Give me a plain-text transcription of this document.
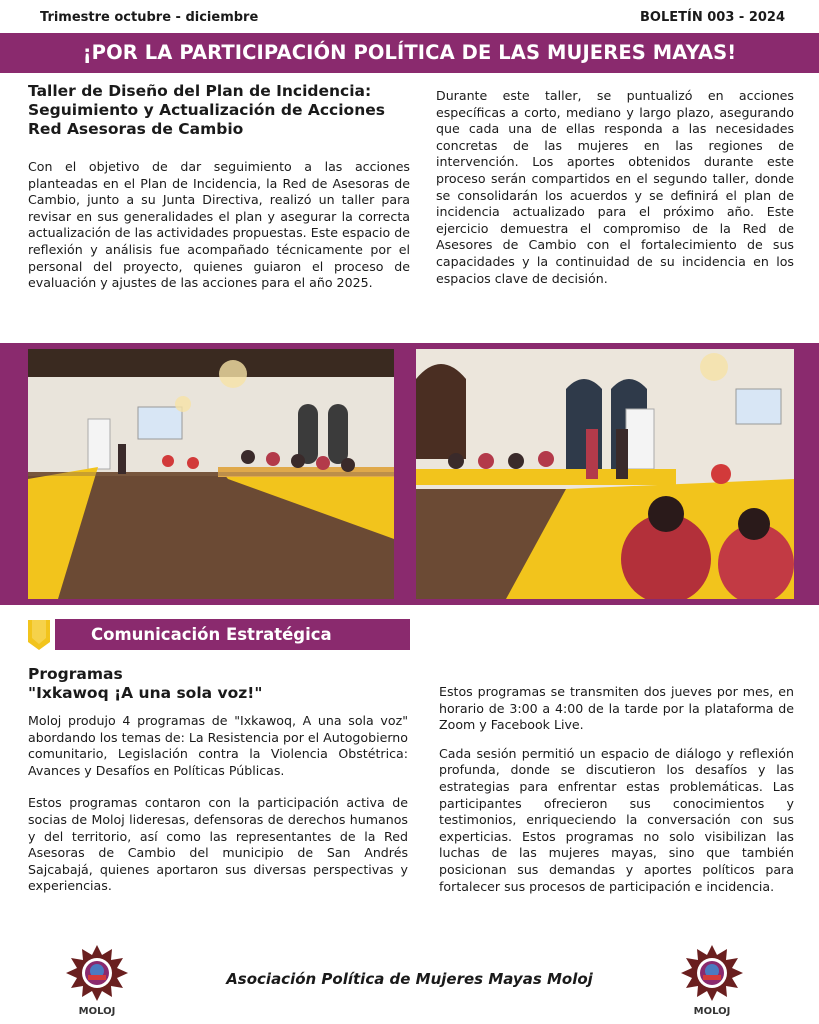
Trimestre octubre - diciembre	BOLETÍN 003 - 2024
¡POR LA PARTICIPACIÓN POLÍTICA DE LAS MUJERES MAYAS!
Taller de Diseño del Plan de Incidencia:
Seguimiento y Actualización de Acciones
Red Asesoras de Cambio

Con el objetivo de dar seguimiento a las acciones planteadas en el Plan de Incidencia, la Red de Asesoras de Cambio, junto a su Junta Directiva, realizó un taller para revisar en sus generalidades el plan y asegurar la correcta actualización de las actividades propuestas. Este espacio de reflexión y análisis fue acompañado técnicamente por el personal del proyecto, quienes guiaron el proceso de evaluación y ajustes de las acciones para el año 2025.

Durante este taller, se puntualizó en acciones específicas a corto, mediano y largo plazo, asegurando que cada una de ellas responda a las necesidades concretas de las mujeres en las regiones de intervención. Los aportes obtenidos durante este proceso serán compartidos en el segundo taller, donde se consolidarán los acuerdos y se definirá el plan de incidencia actualizado para el próximo año. Este ejercicio demuestra el compromiso de la Red de Asesores de Cambio con el fortalecimiento de sus capacidades y la continuidad de su incidencia en los espacios clave de decisión.

Comunicación Estratégica
Programas
"Ixkawoq ¡A una sola voz!"

Moloj produjo 4 programas de "Ixkawoq, A una sola voz" abordando los temas de: La Resistencia por el Autogobierno comunitario, Legislación contra la Violencia Obstétrica: Avances y Desafíos en Políticas Públicas.

Estos programas contaron con la participación activa de socias de Moloj lideresas, defensoras de derechos humanos y del territorio, así como las representantes de la Red Asesoras de Cambio del municipio de San Andrés Sajcabajá, quienes aportaron sus diversas perspectivas y experiencias.

Estos programas se transmiten dos jueves por mes, en horario de 3:00 a 4:00 de la tarde por la plataforma de Zoom y Facebook Live.

Cada sesión permitió un espacio de diálogo y reflexión profunda, donde se discutieron los desafíos y las estrategias para enfrentar estas problemáticas. Las participantes ofrecieron sus conocimientos y testimonios, enriqueciendo la conversación con sus experticias. Estos programas no solo visibilizan las luchas de las mujeres mayas, sino que también posicionan sus demandas y aportes políticos para fortalecer sus procesos de participación e incidencia.

MOLOJ
Asociación Política de Mujeres Mayas Moloj
MOLOJ
